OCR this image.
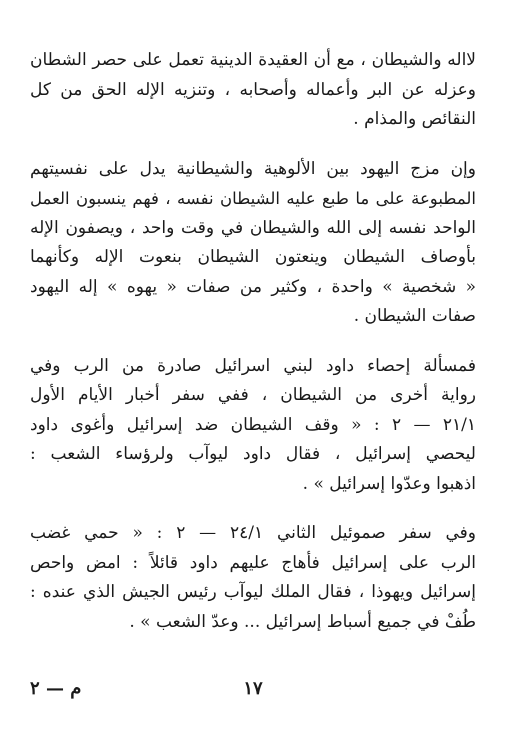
لااله والشيطان ، مع أن العقيدة الدينية تعمل على حصر الشطان
وعزله عن البر وأعماله وأصحابه ، وتنزيه الإله الحق من كل
النقائص والمذام .

وإن مزج اليهود بين الألوهية والشيطانية يدل على نفسيتهم
المطبوعة على ما طبع عليه الشيطان نفسه ، فهم ينسبون العمل
الواحد نفسه إلى الله والشيطان في وقت واحد ، ويصفون الإله
بأوصاف الشيطان وينعتون الشيطان بنعوت الإله وكأنهما
« شخصية » واحدة ، وكثير من صفات « يهوه » إله اليهود
صفات الشيطان .

فمسألة إحصاء داود لبني اسرائيل صادرة من الرب وفي
رواية أخرى من الشيطان ، ففي سفر أخبار الأيام الأول
٢١/١ — ٢ : « وقف الشيطان ضد إسرائيل وأغوى داود
ليحصي إسرائيل ، فقال داود ليوآب ولرؤساء الشعب :
اذهبوا وعدّوا إسرائيل » .

وفي سفر صموئيل الثاني ٢٤/١ — ٢ : « حمي غضب
الرب على إسرائيل فأهاج عليهم داود قائلاً : امض واحص
إسرائيل ويهوذا ، فقال الملك ليوآب رئيس الجيش الذي عنده :
طُفْ في جميع أسباط إسرائيل ... وعدّ الشعب » .

١٧
م — ٢
